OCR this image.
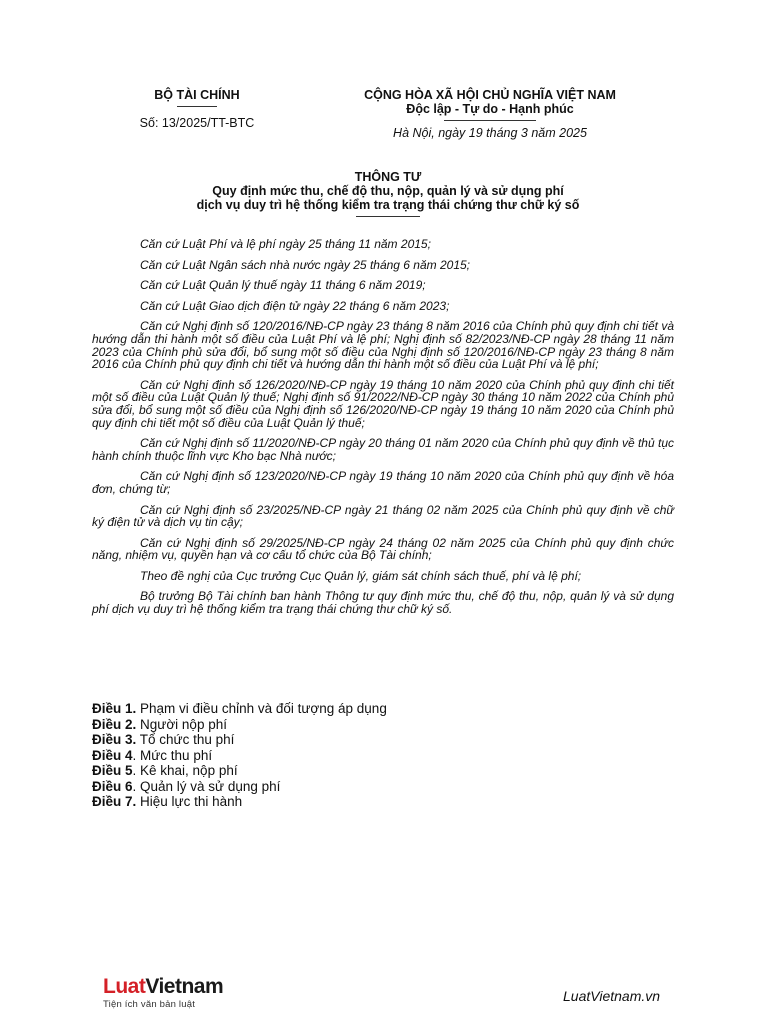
BỘ TÀI CHÍNH
Số: 13/2025/TT-BTC
CỘNG HÒA XÃ HỘI CHỦ NGHĨA VIỆT NAM
Độc lập - Tự do - Hạnh phúc
Hà Nội, ngày 19 tháng 3 năm 2025
THÔNG TƯ
Quy định mức thu, chế độ thu, nộp, quản lý và sử dụng phí
dịch vụ duy trì hệ thống kiểm tra trạng thái chứng thư chữ ký số

Căn cứ Luật Phí và lệ phí ngày 25 tháng 11 năm 2015;

Căn cứ Luật Ngân sách nhà nước ngày 25 tháng 6 năm 2015;

Căn cứ Luật Quản lý thuế ngày 11 tháng 6 năm 2019;

Căn cứ Luật Giao dịch điện tử ngày 22 tháng 6 năm 2023;

Căn cứ Nghị định số 120/2016/NĐ-CP ngày 23 tháng 8 năm 2016 của Chính phủ quy định chi tiết và hướng dẫn thi hành một số điều của Luật Phí và lệ phí; Nghị định số 82/2023/NĐ-CP ngày 28 tháng 11 năm 2023 của Chính phủ sửa đổi, bổ sung một số điều của Nghị định số 120/2016/NĐ-CP ngày 23 tháng 8 năm 2016 của Chính phủ quy định chi tiết và hướng dẫn thi hành một số điều của Luật Phí và lệ phí;

Căn cứ Nghị định số 126/2020/NĐ-CP ngày 19 tháng 10 năm 2020 của Chính phủ quy định chi tiết một số điều của Luật Quản lý thuế; Nghị định số 91/2022/NĐ-CP ngày 30 tháng 10 năm 2022 của Chính phủ sửa đổi, bổ sung một số điều của Nghị định số 126/2020/NĐ-CP ngày 19 tháng 10 năm 2020 của Chính phủ quy định chi tiết một số điều của Luật Quản lý thuế;

Căn cứ Nghị định số 11/2020/NĐ-CP ngày 20 tháng 01 năm 2020 của Chính phủ quy định về thủ tục hành chính thuộc lĩnh vực Kho bạc Nhà nước;

Căn cứ Nghị định số 123/2020/NĐ-CP ngày 19 tháng 10 năm 2020 của Chính phủ quy định về hóa đơn, chứng từ;

Căn cứ Nghị định số 23/2025/NĐ-CP ngày 21 tháng 02 năm 2025 của Chính phủ quy định về chữ ký điện tử và dịch vụ tin cậy;

Căn cứ Nghị định số 29/2025/NĐ-CP ngày 24 tháng 02 năm 2025 của Chính phủ quy định chức năng, nhiệm vụ, quyền hạn và cơ cấu tổ chức của Bộ Tài chính;

Theo đề nghị của Cục trưởng Cục Quản lý, giám sát chính sách thuế, phí và lệ phí;

Bộ trưởng Bộ Tài chính ban hành Thông tư quy định mức thu, chế độ thu, nộp, quản lý và sử dụng phí dịch vụ duy trì hệ thống kiểm tra trạng thái chứng thư chữ ký số.

Điều 1. Phạm vi điều chỉnh và đối tượng áp dụng
Điều 2. Người nộp phí
Điều 3. Tổ chức thu phí
Điều 4. Mức thu phí
Điều 5. Kê khai, nộp phí
Điều 6. Quản lý và sử dụng phí
Điều 7. Hiệu lực thi hành
LuatVietnam
Tiện ích văn bản luật
LuatVietnam.vn
